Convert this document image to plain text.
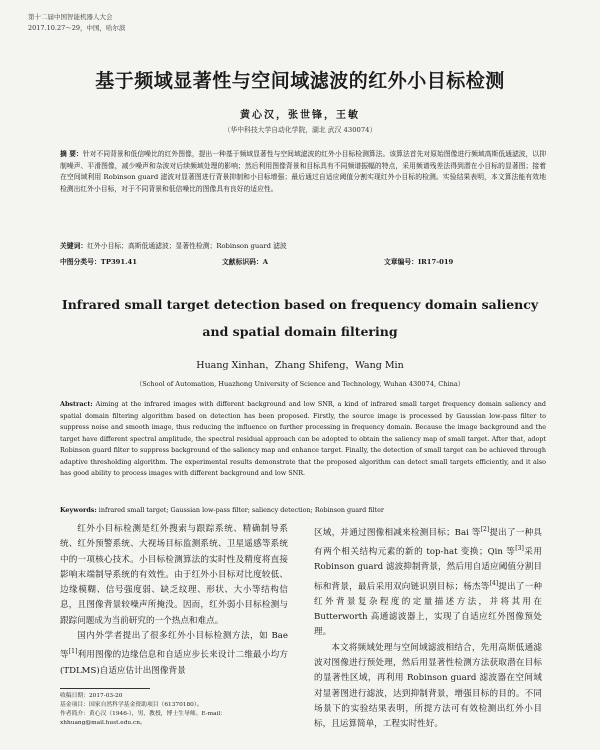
第十二届中国智能机器人大会
2017.10.27～29，中国，哈尔滨
基于频域显著性与空间域滤波的红外小目标检测
黄心汉，张世锋，王敏
（华中科技大学自动化学院，湖北 武汉 430074）
摘 要：针对不同背景和低信噪比的红外图像，提出一种基于频域显著性与空间域滤波的红外小目标检测算法。该算法首先对原始图像进行频域高斯低通滤波，以抑制噪声、平滑图像，减少噪声和杂波对后续频域处理的影响；然后利用图像背景和目标具有不同频谱振幅的特点，采用频谱残差法得到潜在小目标的显著图；接着在空间域利用 Robinson guard 滤波对显著图进行背景抑制和小目标增强；最后通过自适应阈值分割实现红外小目标的检测。实验结果表明，本文算法能有效地检测出红外小目标，对于不同背景和低信噪比的图像具有良好的适应性。
关键词：红外小目标；高斯低通滤波；显著性检测；Robinson guard 滤波
中图分类号：TP391.41	文献标识码：A	文章编号：IR17-019
Infrared small target detection based on frequency domain saliency
and spatial domain filtering
Huang Xinhan，Zhang Shifeng，Wang Min
（School of Automation, Huazhong University of Science and Technology, Wuhan 430074, China）
Abstract: Aiming at the infrared images with different background and low SNR, a kind of infrared small target frequency domain saliency and spatial domain filtering algorithm based on detection has been proposed. Firstly, the source image is processed by Gaussian low-pass filter to suppress noise and smooth image, thus reducing the influence on further processing in frequency domain. Because the image background and the target have different spectral amplitude, the spectral residual approach can be adopted to obtain the saliency map of small target. After that, adopt Robinson guard filter to suppress background of the saliency map and enhance target. Finally, the detection of small target can be achieved through adaptive thresholding algorithm. The experimental results demonstrate that the proposed algorithm can detect small targets efficiently, and it also has good ability to process images with different background and low SNR.
Keywords: infrared small target; Gaussian low-pass filter; saliency detection; Robinson guard filter

红外小目标检测是红外搜索与跟踪系统、精确制导系统、红外预警系统、大视场目标监测系统、卫星遥感等系统中的一项核心技术。小目标检测算法的实时性及精度将直接影响末端制导系统的有效性。由于红外小目标对比度较低、边缘模糊、信号强度弱、缺乏纹理、形状、大小等结构信息，且图像背景较噪声所掩没。因而，红外弱小目标检测与跟踪问题成为当前研究的一个热点和难点。

国内外学者提出了很多红外小目标检测方法，如 Bae 等[1]利用图像的边缘信息和自适应步长来设计二维最小均方(TDLMS)自适应估计出图像背景

区域，并通过图像相减来检测目标；Bai 等[2]提出了一种具有两个相关结构元素的新的 top-hat 变换；Qin 等[3]采用 Robinson guard 滤波抑制背景，然后用自适应阈值分割目标和背景，最后采用双向链识别目标；杨杰等[4]提出了一种红外背景复杂程度的定量描述方法，并将其用在 Butterworth 高通滤波器上，实现了自适应红外图像预处理。

本文将频域处理与空间域滤波相结合，先用高斯低通滤波对图像进行预处理，然后用显著性检测方法获取潜在目标的显著性区域，再利用 Robinson guard 滤波器在空间域对显著图进行滤波，达到抑制背景，增强目标的目的。不同场景下的实验结果表明，所提方法可有效检测出红外小目标，且运算简单，工程实时性好。

收稿日期：2017-03-20
基金项目：国家自然科学基金资助项目（61370180）。
作者简介：黄心汉（1946-），男，教授，博士生导师。E-mail：
xhhuang@mail.hust.edu.cn。
